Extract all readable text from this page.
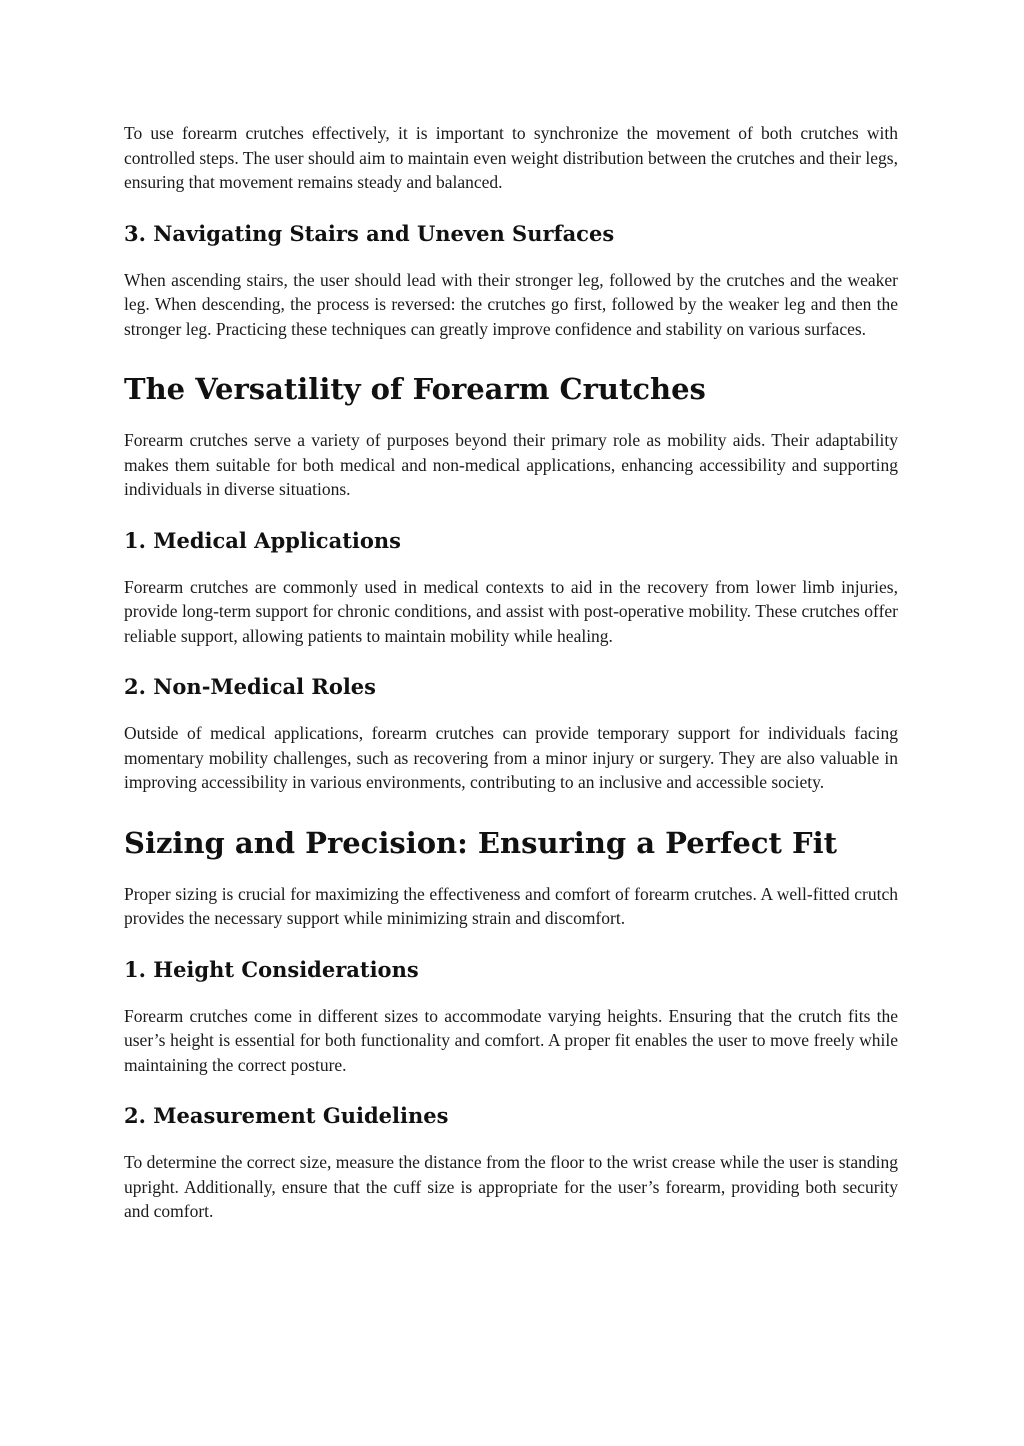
To use forearm crutches effectively, it is important to synchronize the movement of both crutches with controlled steps. The user should aim to maintain even weight distribution between the crutches and their legs, ensuring that movement remains steady and balanced.

3. Navigating Stairs and Uneven Surfaces

When ascending stairs, the user should lead with their stronger leg, followed by the crutches and the weaker leg. When descending, the process is reversed: the crutches go first, followed by the weaker leg and then the stronger leg. Practicing these techniques can greatly improve confidence and stability on various surfaces.

The Versatility of Forearm Crutches

Forearm crutches serve a variety of purposes beyond their primary role as mobility aids. Their adaptability makes them suitable for both medical and non-medical applications, enhancing accessibility and supporting individuals in diverse situations.

1. Medical Applications

Forearm crutches are commonly used in medical contexts to aid in the recovery from lower limb injuries, provide long-term support for chronic conditions, and assist with post-operative mobility. These crutches offer reliable support, allowing patients to maintain mobility while healing.

2. Non-Medical Roles

Outside of medical applications, forearm crutches can provide temporary support for individuals facing momentary mobility challenges, such as recovering from a minor injury or surgery. They are also valuable in improving accessibility in various environments, contributing to an inclusive and accessible society.

Sizing and Precision: Ensuring a Perfect Fit

Proper sizing is crucial for maximizing the effectiveness and comfort of forearm crutches. A well-fitted crutch provides the necessary support while minimizing strain and discomfort.

1. Height Considerations

Forearm crutches come in different sizes to accommodate varying heights. Ensuring that the crutch fits the user’s height is essential for both functionality and comfort. A proper fit enables the user to move freely while maintaining the correct posture.

2. Measurement Guidelines

To determine the correct size, measure the distance from the floor to the wrist crease while the user is standing upright. Additionally, ensure that the cuff size is appropriate for the user’s forearm, providing both security and comfort.
